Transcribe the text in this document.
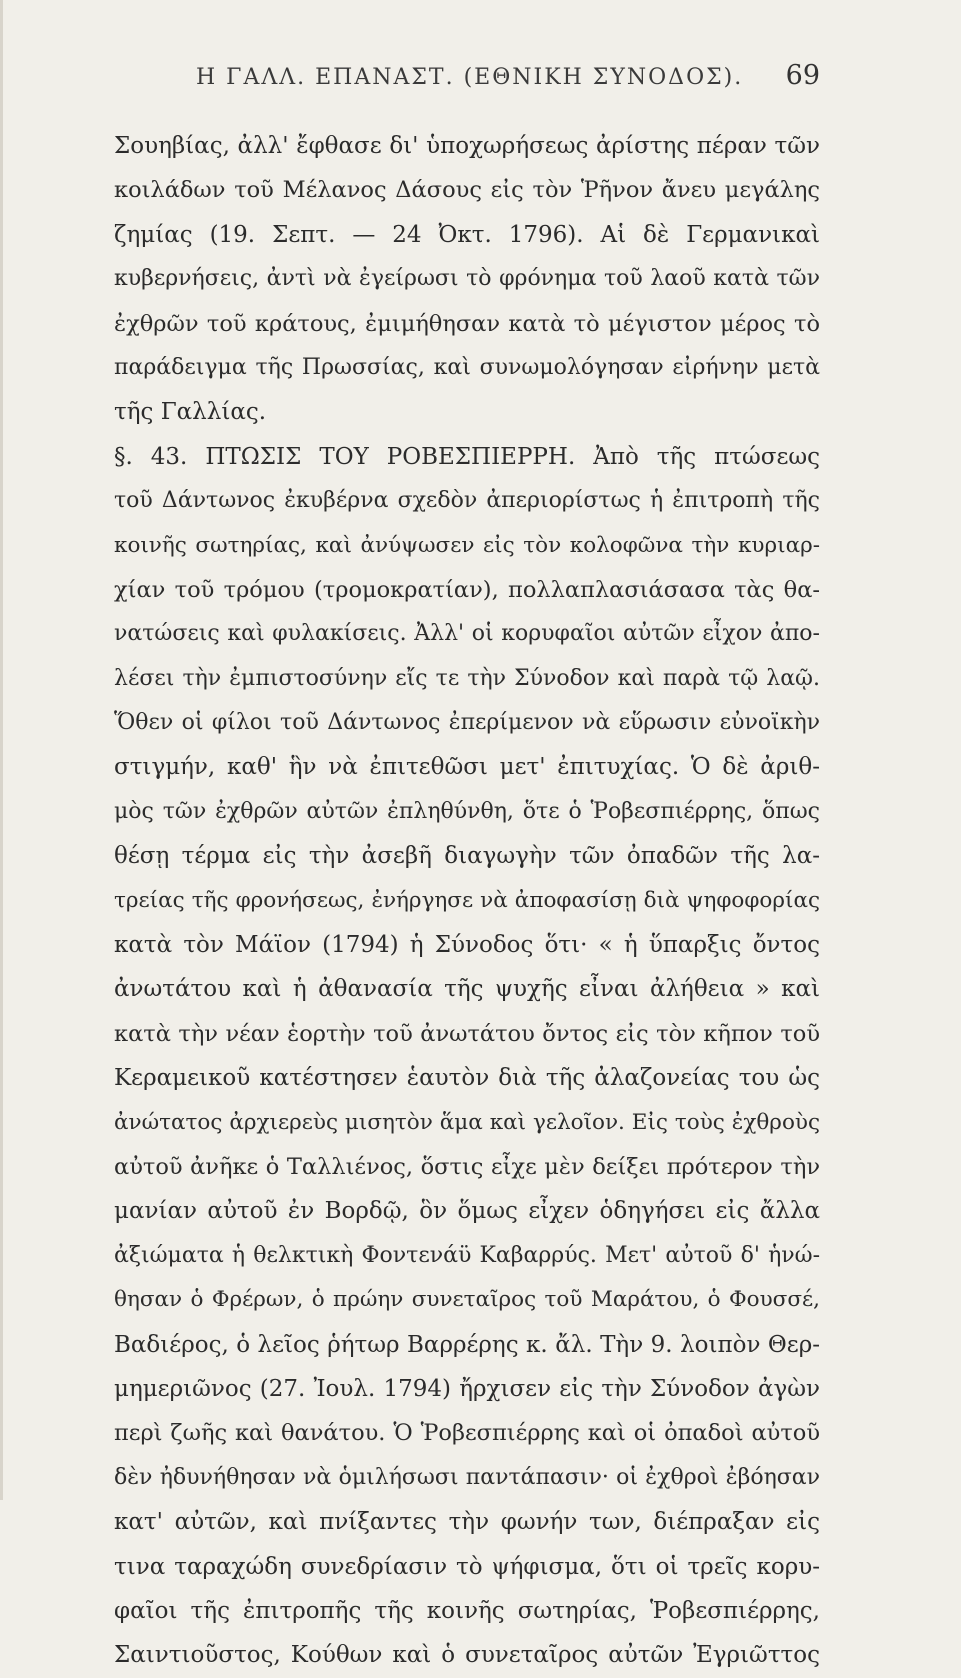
Η ΓΑΛΛ. ΕΠΑΝΑΣΤ. (ΕΘΝΙΚΗ ΣΥΝΟΔΟΣ). 69
Σουηβίας, ἀλλ' ἔφθασε δι' ὑποχωρήσεως ἀρίστης πέραν τῶν
κοιλάδων τοῦ Μέλανος Δάσους εἰς τὸν Ῥῆνον ἄνευ μεγάλης
ζημίας (19. Σεπτ. — 24 Ὀκτ. 1796). Αἱ δὲ Γερμανικαὶ
κυβερνήσεις, ἀντὶ νὰ ἐγείρωσι τὸ φρόνημα τοῦ λαοῦ κατὰ τῶν
ἐχθρῶν τοῦ κράτους, ἐμιμήθησαν κατὰ τὸ μέγιστον μέρος τὸ
παράδειγμα τῆς Πρωσσίας, καὶ συνωμολόγησαν εἰρήνην μετὰ
τῆς Γαλλίας.
§. 43. ΠΤΩΣΙΣ ΤΟΥ ΡΟΒΕΣΠΙΕΡΡΗ. Ἀπὸ τῆς πτώσεως
τοῦ Δάντωνος ἐκυβέρνα σχεδὸν ἀπεριορίστως ἡ ἐπιτροπὴ τῆς
κοινῆς σωτηρίας, καὶ ἀνύψωσεν εἰς τὸν κολοφῶνα τὴν κυριαρ-
χίαν τοῦ τρόμου (τρομοκρατίαν), πολλαπλασιάσασα τὰς θα-
νατώσεις καὶ φυλακίσεις. Ἀλλ' οἱ κορυφαῖοι αὐτῶν εἶχον ἀπο-
λέσει τὴν ἐμπιστοσύνην εἴς τε τὴν Σύνοδον καὶ παρὰ τῷ λαῷ.
Ὅθεν οἱ φίλοι τοῦ Δάντωνος ἐπερίμενον νὰ εὕρωσιν εὐνοϊκὴν
στιγμήν, καθ' ἣν νὰ ἐπιτεθῶσι μετ' ἐπιτυχίας. Ὁ δὲ ἀριθ-
μὸς τῶν ἐχθρῶν αὐτῶν ἐπληθύνθη, ὅτε ὁ Ῥοβεσπιέρρης, ὅπως
θέσῃ τέρμα εἰς τὴν ἀσεβῆ διαγωγὴν τῶν ὀπαδῶν τῆς λα-
τρείας τῆς φρονήσεως, ἐνήργησε νὰ ἀποφασίσῃ διὰ ψηφοφορίας
κατὰ τὸν Μάϊον (1794) ἡ Σύνοδος ὅτι· « ἡ ὕπαρξις ὄντος
ἀνωτάτου καὶ ἡ ἀθανασία τῆς ψυχῆς εἶναι ἀλήθεια » καὶ
κατὰ τὴν νέαν ἑορτὴν τοῦ ἀνωτάτου ὄντος εἰς τὸν κῆπον τοῦ
Κεραμεικοῦ κατέστησεν ἑαυτὸν διὰ τῆς ἀλαζονείας του ὡς
ἀνώτατος ἀρχιερεὺς μισητὸν ἅμα καὶ γελοῖον. Εἰς τοὺς ἐχθροὺς
αὐτοῦ ἀνῆκε ὁ Ταλλιένος, ὅστις εἶχε μὲν δείξει πρότερον τὴν
μανίαν αὐτοῦ ἐν Βορδῷ, ὃν ὅμως εἶχεν ὁδηγήσει εἰς ἄλλα
ἀξιώματα ἡ θελκτικὴ Φοντενάϋ Καβαρρύς. Μετ' αὐτοῦ δ' ἡνώ-
θησαν ὁ Φρέρων, ὁ πρώην συνεταῖρος τοῦ Μαράτου, ὁ Φουσσέ,
Βαδιέρος, ὁ λεῖος ῥήτωρ Βαρρέρης κ. ἄλ. Τὴν 9. λοιπὸν Θερ-
μημεριῶνος (27. Ἰουλ. 1794) ἤρχισεν εἰς τὴν Σύνοδον ἀγὼν
περὶ ζωῆς καὶ θανάτου. Ὁ Ῥοβεσπιέρρης καὶ οἱ ὀπαδοὶ αὐτοῦ
δὲν ἠδυνήθησαν νὰ ὁμιλήσωσι παντάπασιν· οἱ ἐχθροὶ ἐβόησαν
κατ' αὐτῶν, καὶ πνίξαντες τὴν φωνήν των, διέπραξαν εἰς
τινα ταραχώδη συνεδρίασιν τὸ ψήφισμα, ὅτι οἱ τρεῖς κορυ-
φαῖοι τῆς ἐπιτροπῆς τῆς κοινῆς σωτηρίας, Ῥοβεσπιέρρης,
Σαιντιοῦστος, Κούθων καὶ ὁ συνεταῖρος αὐτῶν Ἐγριῶττος
